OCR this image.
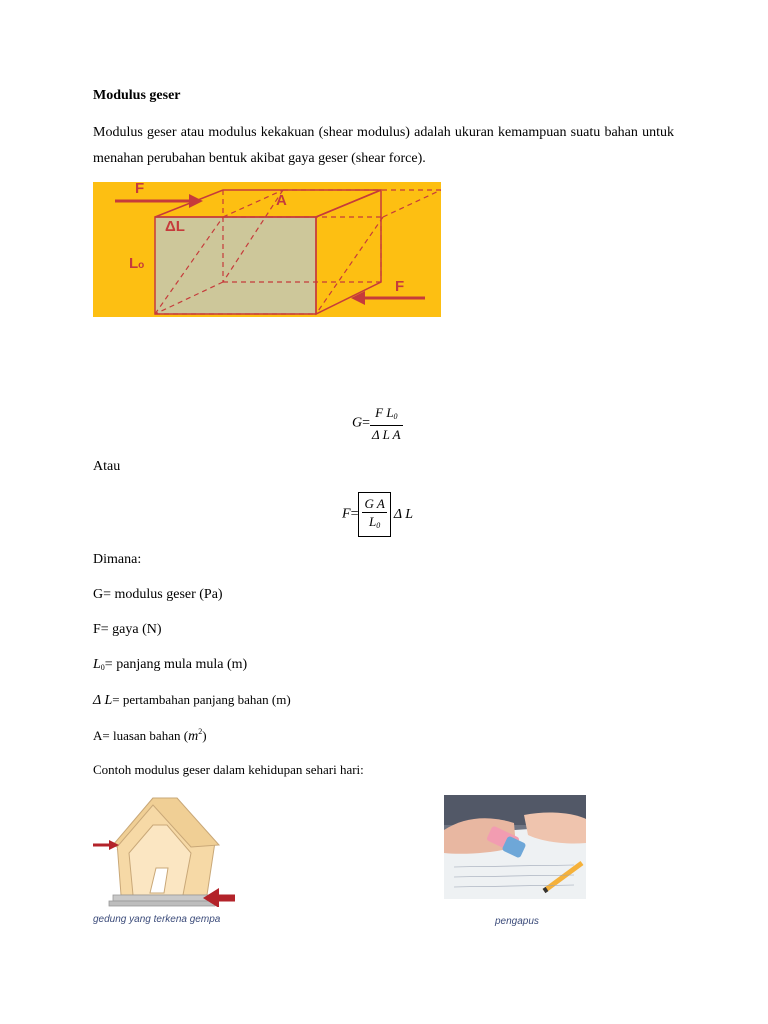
Modulus geser
Modulus geser atau modulus kekakuan (shear modulus) adalah ukuran kemampuan suatu bahan untuk menahan perubahan bentuk akibat gaya geser (shear force).
F
A
ΔL
Lo
F
$G= \frac{F L_0}{\text{Δ L A}}$
Atau
$F= \frac{\text{G A}}{L_0}$ Δ L
Dimana:
G= modulus geser (Pa)
F= gaya (N)
$L_0=$ panjang mula mula (m)
Δ L= pertambahan panjang bahan (m)
A= luasan bahan $(m^2)$
Contoh modulus geser dalam kehidupan sehari hari:
gedung yang terkena gempa	pengapus
